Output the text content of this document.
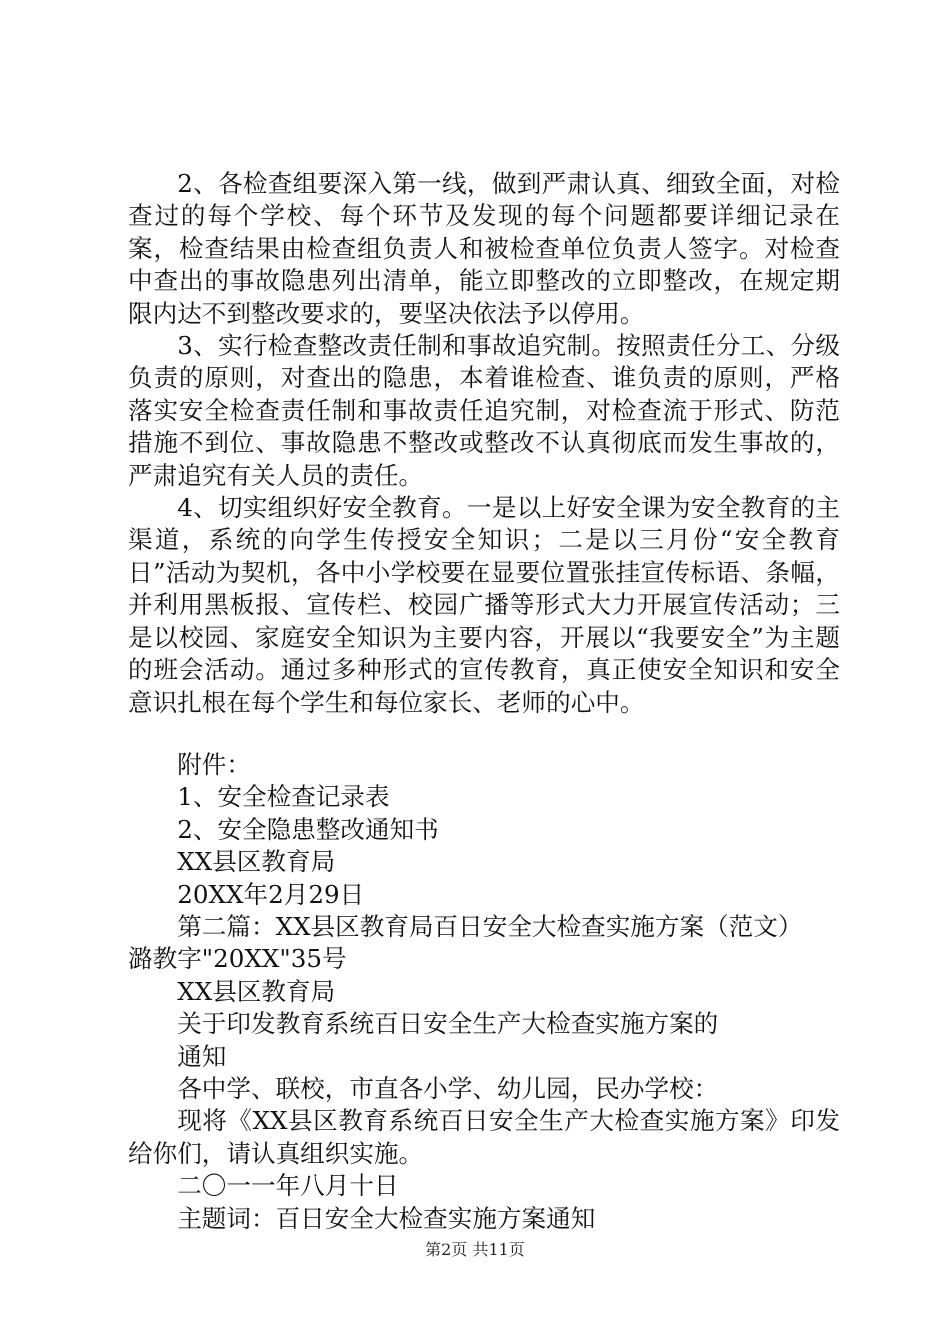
2、各检查组要深入第一线，做到严肃认真、细致全面，对检查过的每个学校、每个环节及发现的每个问题都要详细记录在案，检查结果由检查组负责人和被检查单位负责人签字。对检查中查出的事故隐患列出清单，能立即整改的立即整改，在规定期限内达不到整改要求的，要坚决依法予以停用。

3、实行检查整改责任制和事故追究制。按照责任分工、分级负责的原则，对查出的隐患，本着谁检查、谁负责的原则，严格落实安全检查责任制和事故责任追究制，对检查流于形式、防范措施不到位、事故隐患不整改或整改不认真彻底而发生事故的，严肃追究有关人员的责任。

4、切实组织好安全教育。一是以上好安全课为安全教育的主渠道，系统的向学生传授安全知识；二是以三月份“安全教育日”活动为契机，各中小学校要在显要位置张挂宣传标语、条幅，并利用黑板报、宣传栏、校园广播等形式大力开展宣传活动；三是以校园、家庭安全知识为主要内容，开展以“我要安全”为主题的班会活动。通过多种形式的宣传教育，真正使安全知识和安全意识扎根在每个学生和每位家长、老师的心中。

附件：

1、安全检查记录表

2、安全隐患整改通知书

XX县区教育局

20XX年2月29日

第二篇：XX县区教育局百日安全大检查实施方案（范文）

潞教字"20XX"35号

XX县区教育局

关于印发教育系统百日安全生产大检查实施方案的

通知

各中学、联校，市直各小学、幼儿园，民办学校：

现将《XX县区教育系统百日安全生产大检查实施方案》印发给你们，请认真组织实施。

二〇一一年八月十日

主题词：百日安全大检查实施方案通知

第2页 共11页
